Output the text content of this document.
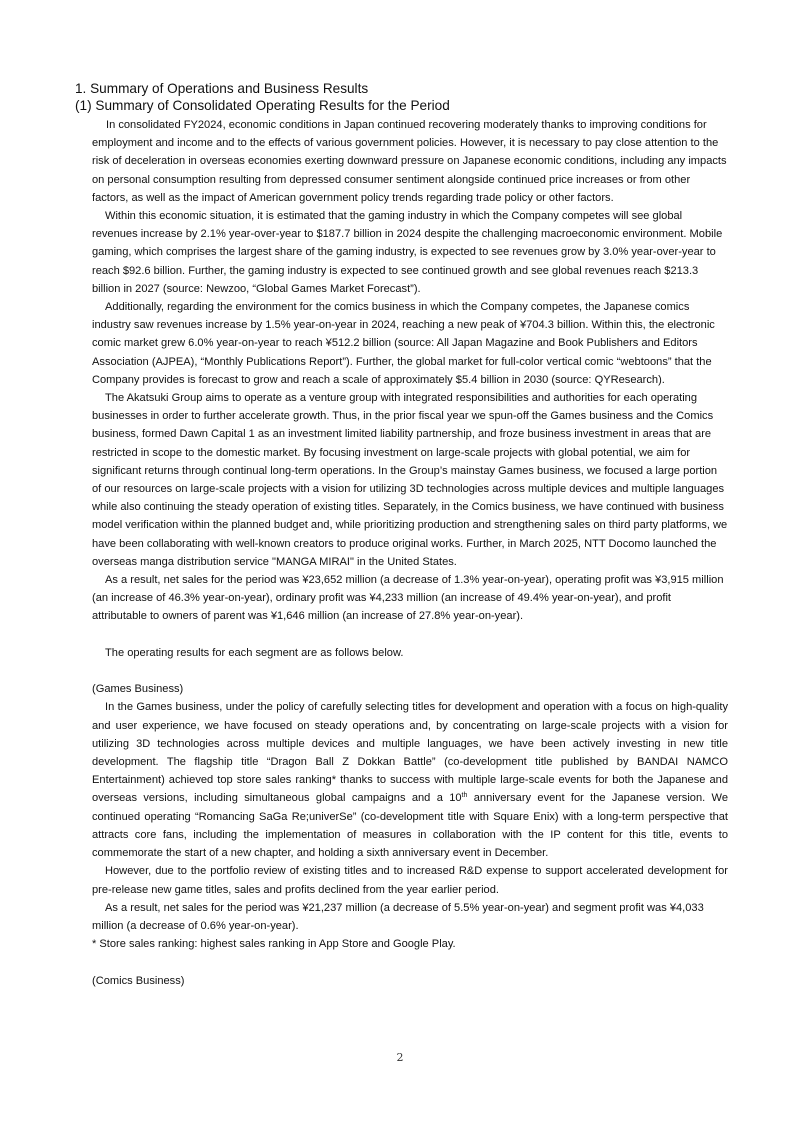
1. Summary of Operations and Business Results
(1) Summary of Consolidated Operating Results for the Period

In consolidated FY2024, economic conditions in Japan continued recovering moderately thanks to improving conditions for employment and income and to the effects of various government policies. However, it is necessary to pay close attention to the risk of deceleration in overseas economies exerting downward pressure on Japanese economic conditions, including any impacts on personal consumption resulting from depressed consumer sentiment alongside continued price increases or from other factors, as well as the impact of American government policy trends regarding trade policy or other factors.

Within this economic situation, it is estimated that the gaming industry in which the Company competes will see global revenues increase by 2.1% year-over-year to $187.7 billion in 2024 despite the challenging macroeconomic environment. Mobile gaming, which comprises the largest share of the gaming industry, is expected to see revenues grow by 3.0% year-over-year to reach $92.6 billion. Further, the gaming industry is expected to see continued growth and see global revenues reach $213.3 billion in 2027 (source: Newzoo, “Global Games Market Forecast”).

Additionally, regarding the environment for the comics business in which the Company competes, the Japanese comics industry saw revenues increase by 1.5% year-on-year in 2024, reaching a new peak of ¥704.3 billion. Within this, the electronic comic market grew 6.0% year-on-year to reach ¥512.2 billion (source: All Japan Magazine and Book Publishers and Editors Association (AJPEA), “Monthly Publications Report”). Further, the global market for full-color vertical comic “webtoons” that the Company provides is forecast to grow and reach a scale of approximately $5.4 billion in 2030 (source: QYResearch).

The Akatsuki Group aims to operate as a venture group with integrated responsibilities and authorities for each operating businesses in order to further accelerate growth. Thus, in the prior fiscal year we spun-off the Games business and the Comics business, formed Dawn Capital 1 as an investment limited liability partnership, and froze business investment in areas that are restricted in scope to the domestic market. By focusing investment on large-scale projects with global potential, we aim for significant returns through continual long-term operations. In the Group’s mainstay Games business, we focused a large portion of our resources on large-scale projects with a vision for utilizing 3D technologies across multiple devices and multiple languages while also continuing the steady operation of existing titles. Separately, in the Comics business, we have continued with business model verification within the planned budget and, while prioritizing production and strengthening sales on third party platforms, we have been collaborating with well-known creators to produce original works. Further, in March 2025, NTT Docomo launched the overseas manga distribution service "MANGA MIRAI" in the United States.

As a result, net sales for the period was ¥23,652 million (a decrease of 1.3% year-on-year), operating profit was ¥3,915 million (an increase of 46.3% year-on-year), ordinary profit was ¥4,233 million (an increase of 49.4% year-on-year), and profit attributable to owners of parent was ¥1,646 million (an increase of 27.8% year-on-year).

The operating results for each segment are as follows below.

(Games Business)

In the Games business, under the policy of carefully selecting titles for development and operation with a focus on high-quality and user experience, we have focused on steady operations and, by concentrating on large-scale projects with a vision for utilizing 3D technologies across multiple devices and multiple languages, we have been actively investing in new title development. The flagship title “Dragon Ball Z Dokkan Battle” (co-development title published by BANDAI NAMCO Entertainment) achieved top store sales ranking* thanks to success with multiple large-scale events for both the Japanese and overseas versions, including simultaneous global campaigns and a 10th anniversary event for the Japanese version. We continued operating “Romancing SaGa Re;univerSe” (co-development title with Square Enix) with a long-term perspective that attracts core fans, including the implementation of measures in collaboration with the IP content for this title, events to commemorate the start of a new chapter, and holding a sixth anniversary event in December.

However, due to the portfolio review of existing titles and to increased R&D expense to support accelerated development for pre-release new game titles, sales and profits declined from the year earlier period.

As a result, net sales for the period was ¥21,237 million (a decrease of 5.5% year-on-year) and segment profit was ¥4,033 million (a decrease of 0.6% year-on-year).

* Store sales ranking: highest sales ranking in App Store and Google Play.

(Comics Business)

2
